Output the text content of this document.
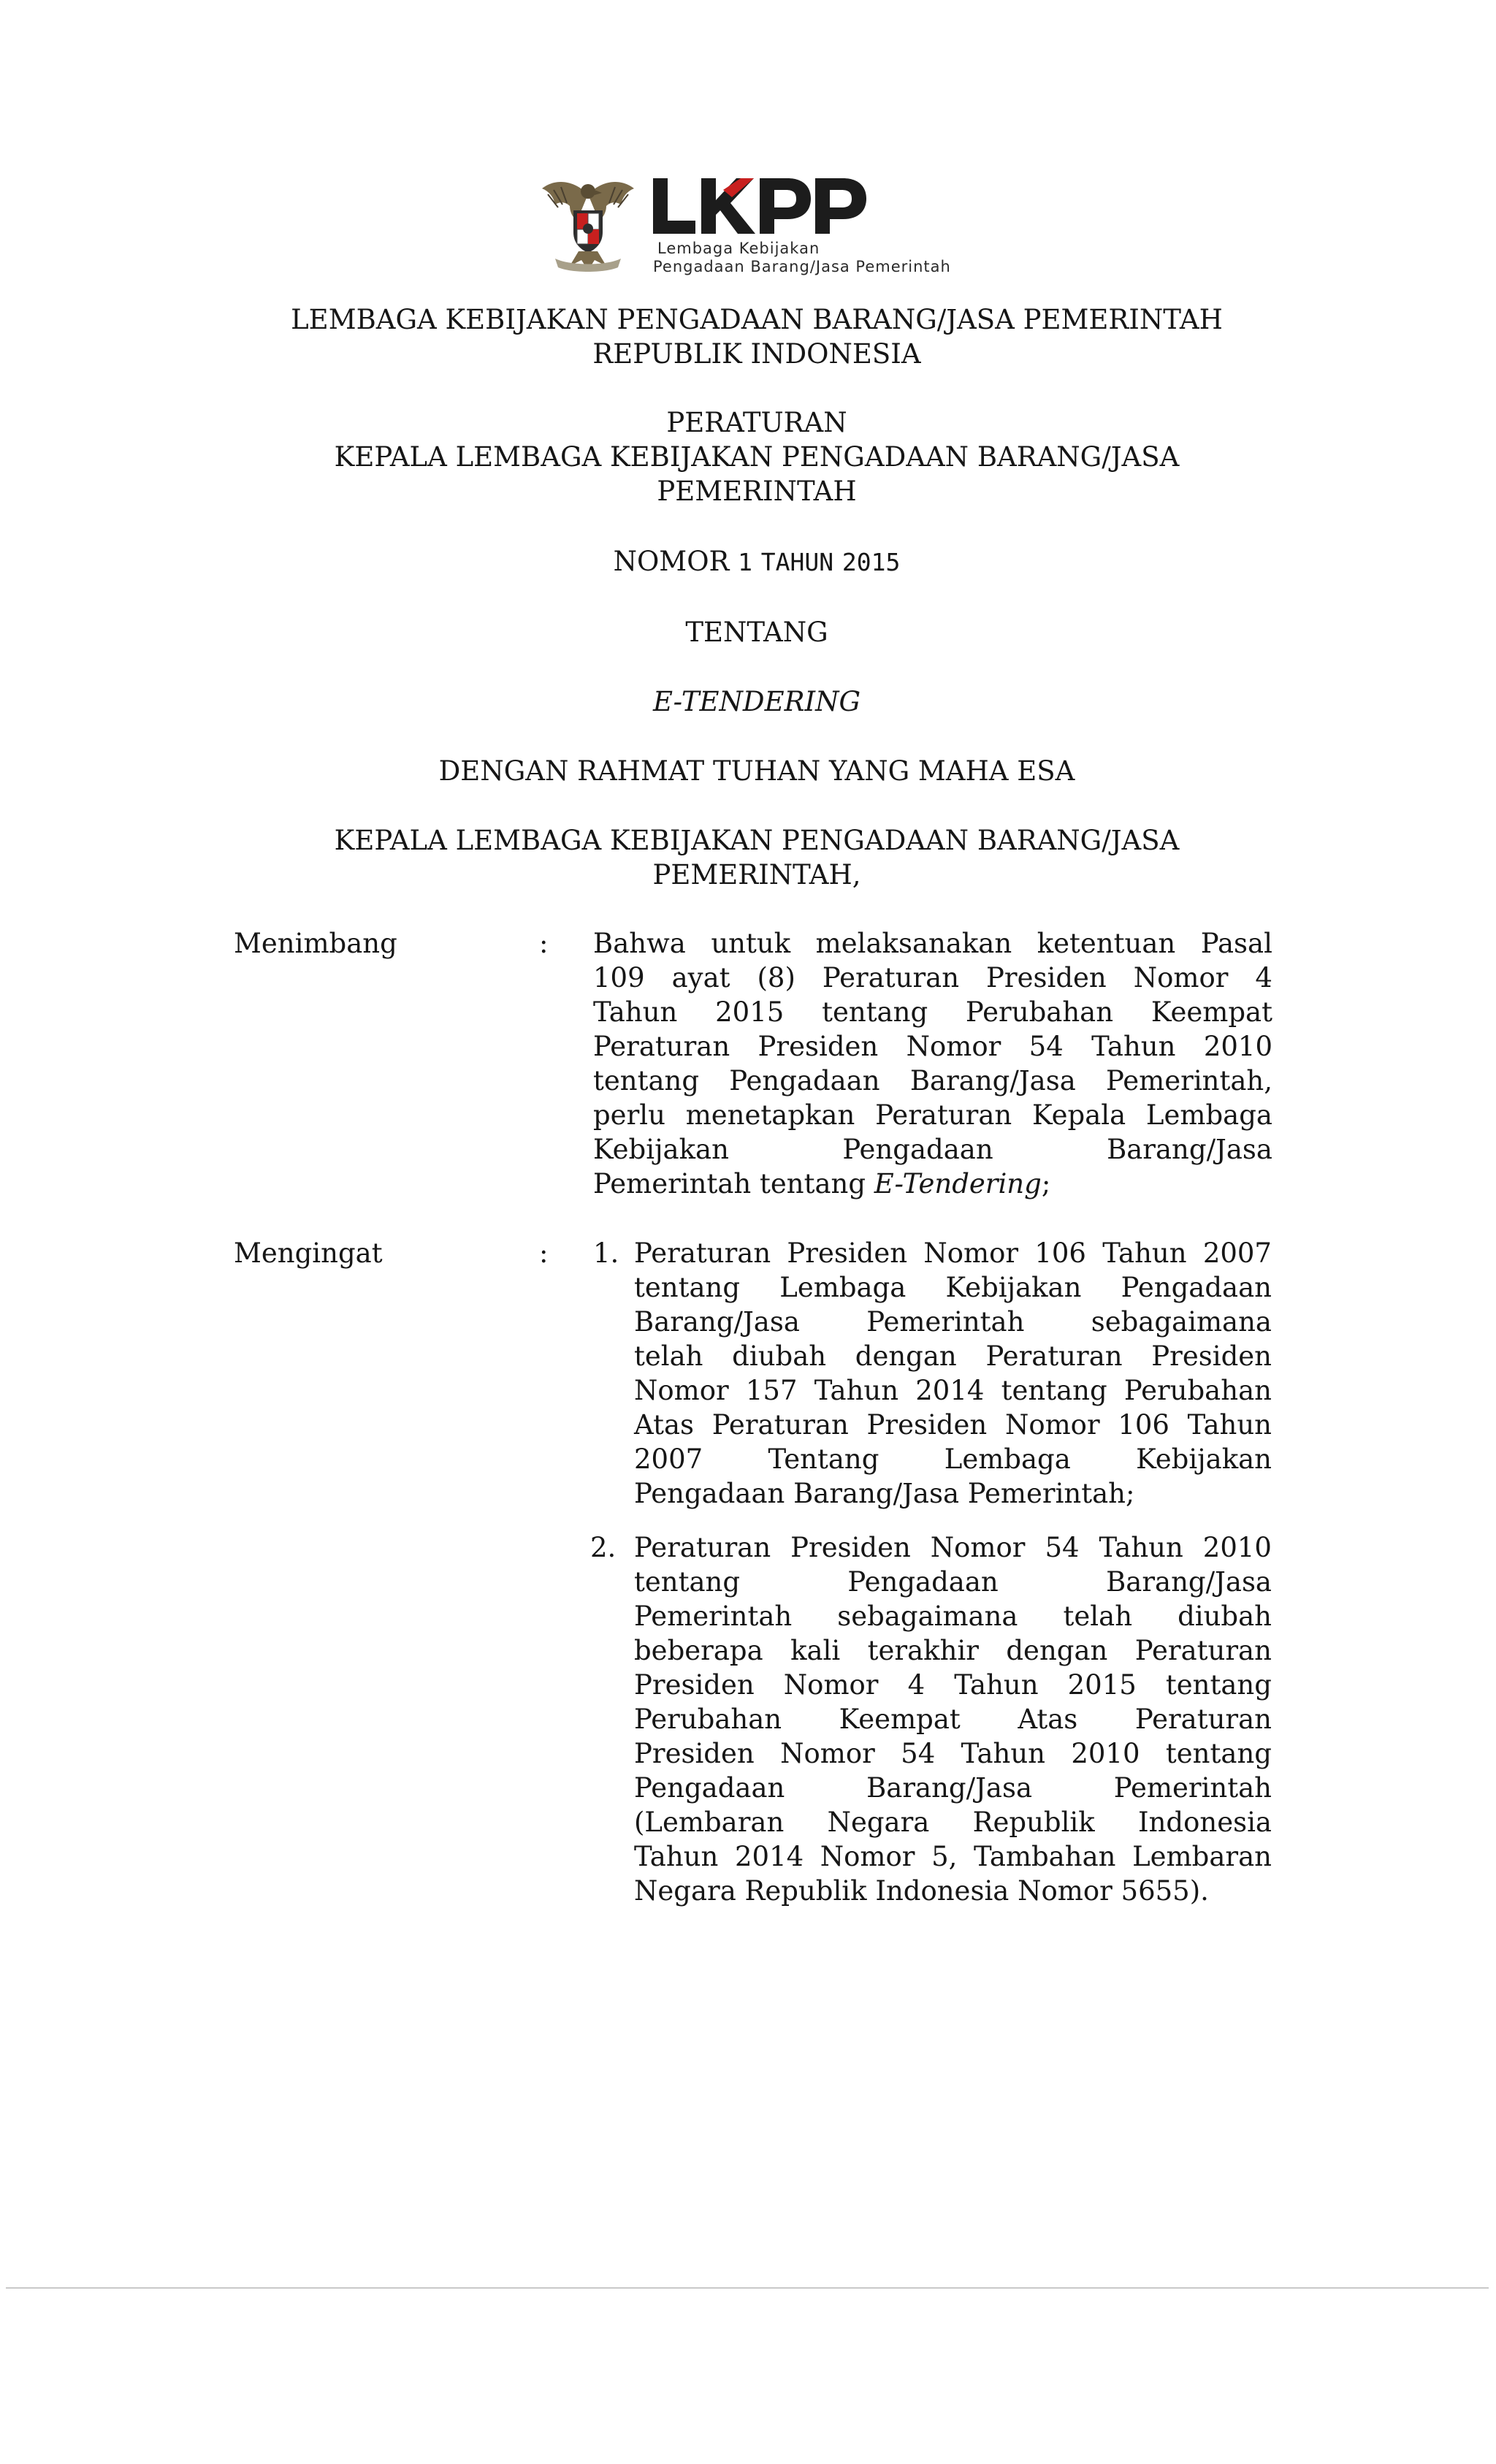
Lembaga Kebijakan
Pengadaan Barang/Jasa Pemerintah
LEMBAGA KEBIJAKAN PENGADAAN BARANG/JASA PEMERINTAH
REPUBLIK INDONESIA
PERATURAN
KEPALA LEMBAGA KEBIJAKAN PENGADAAN BARANG/JASA
PEMERINTAH
NOMOR 1 TAHUN 2015
TENTANG
E-TENDERING
DENGAN RAHMAT TUHAN YANG MAHA ESA
KEPALA LEMBAGA KEBIJAKAN PENGADAAN BARANG/JASA
PEMERINTAH,
Menimbang	: Bahwa untuk melaksanakan ketentuan Pasal
109 ayat (8) Peraturan Presiden Nomor 4
Tahun 2015 tentang Perubahan Keempat
Peraturan Presiden Nomor 54 Tahun 2010
tentang Pengadaan Barang/Jasa Pemerintah,
perlu menetapkan Peraturan Kepala Lembaga
Kebijakan	Pengadaan	Barang/Jasa
Pemerintah tentang E-Tendering;
Mengingat	: 1. Peraturan Presiden Nomor 106 Tahun 2007
tentang Lembaga Kebijakan Pengadaan
Barang/Jasa Pemerintah sebagaimana
telah diubah dengan Peraturan Presiden
Nomor 157 Tahun 2014 tentang Perubahan
Atas Peraturan Presiden Nomor 106 Tahun
2007 Tentang Lembaga Kebijakan
Pengadaan Barang/Jasa Pemerintah;
2. Peraturan Presiden Nomor 54 Tahun 2010
tentang	Pengadaan	Barang/Jasa
Pemerintah sebagaimana telah diubah
beberapa kali terakhir dengan Peraturan
Presiden Nomor 4 Tahun 2015 tentang
Perubahan Keempat Atas Peraturan
Presiden Nomor 54 Tahun 2010 tentang
Pengadaan	Barang/Jasa	Pemerintah
(Lembaran Negara Republik Indonesia
Tahun 2014 Nomor 5, Tambahan Lembaran
Negara Republik Indonesia Nomor 5655).
